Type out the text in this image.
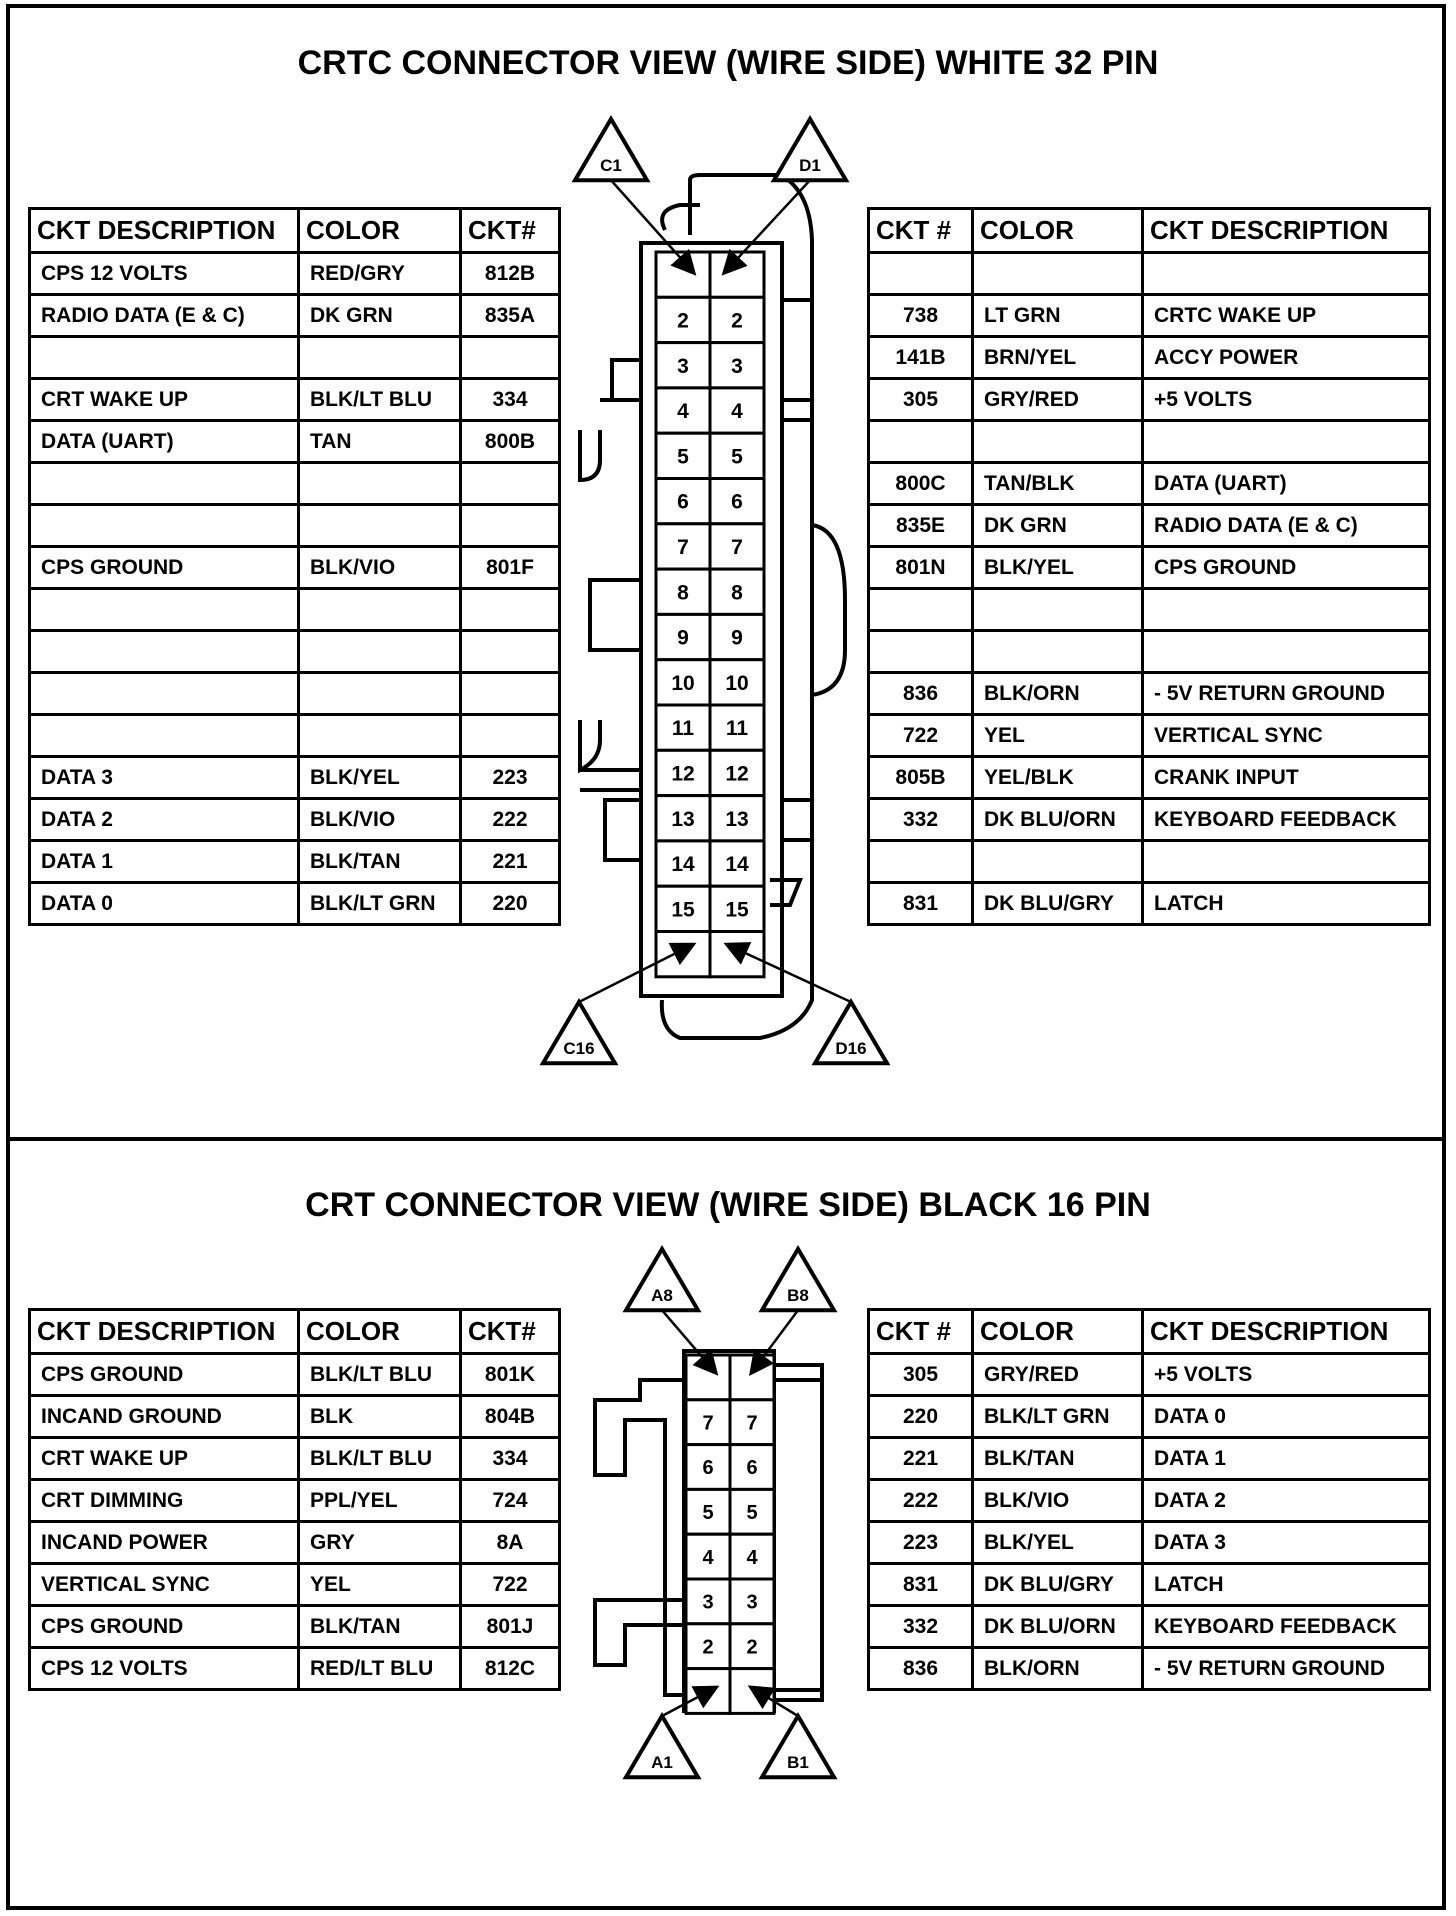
CRTC CONNECTOR VIEW (WIRE SIDE) WHITE 32 PIN
CRT CONNECTOR VIEW (WIRE SIDE) BLACK 16 PIN
CKT DESCRIPTION	COLOR	CKT#
CPS 12 VOLTS	RED/GRY	812B
RADIO DATA (E & C)	DK GRN	835A

CRT WAKE UP	BLK/LT BLU	334
DATA (UART)	TAN	800B

CPS GROUND	BLK/VIO	801F

DATA 3	BLK/YEL	223
DATA 2	BLK/VIO	222
DATA 1	BLK/TAN	221
DATA 0	BLK/LT GRN	220
CKT #	COLOR	CKT DESCRIPTION

738	LT GRN	CRTC WAKE UP
141B	BRN/YEL	ACCY POWER
305	GRY/RED	+5 VOLTS

800C	TAN/BLK	DATA (UART)
835E	DK GRN	RADIO DATA (E & C)
801N	BLK/YEL	CPS GROUND

836	BLK/ORN	- 5V RETURN GROUND
722	YEL	VERTICAL SYNC
805B	YEL/BLK	CRANK INPUT
332	DK BLU/ORN	KEYBOARD FEEDBACK

831	DK BLU/GRY	LATCH
CKT DESCRIPTION	COLOR	CKT#
CPS GROUND	BLK/LT BLU	801K
INCAND GROUND	BLK	804B
CRT WAKE UP	BLK/LT BLU	334
CRT DIMMING	PPL/YEL	724
INCAND POWER	GRY	8A
VERTICAL SYNC	YEL	722
CPS GROUND	BLK/TAN	801J
CPS 12 VOLTS	RED/LT BLU	812C
CKT #	COLOR	CKT DESCRIPTION
305	GRY/RED	+5 VOLTS
220	BLK/LT GRN	DATA 0
221	BLK/TAN	DATA 1
222	BLK/VIO	DATA 2
223	BLK/YEL	DATA 3
831	DK BLU/GRY	LATCH
332	DK BLU/ORN	KEYBOARD FEEDBACK
836	BLK/ORN	- 5V RETURN GROUND
2 2
3 3
4 4
5 5
6 6
7 7
8 8
9 9
10 10
11 11
12 12
13 13
14 14
15 15
7 7
6 6
5 5
4 4
3 3
2 2
C1	D1
C16	D16
A8	B8
A1	B1
